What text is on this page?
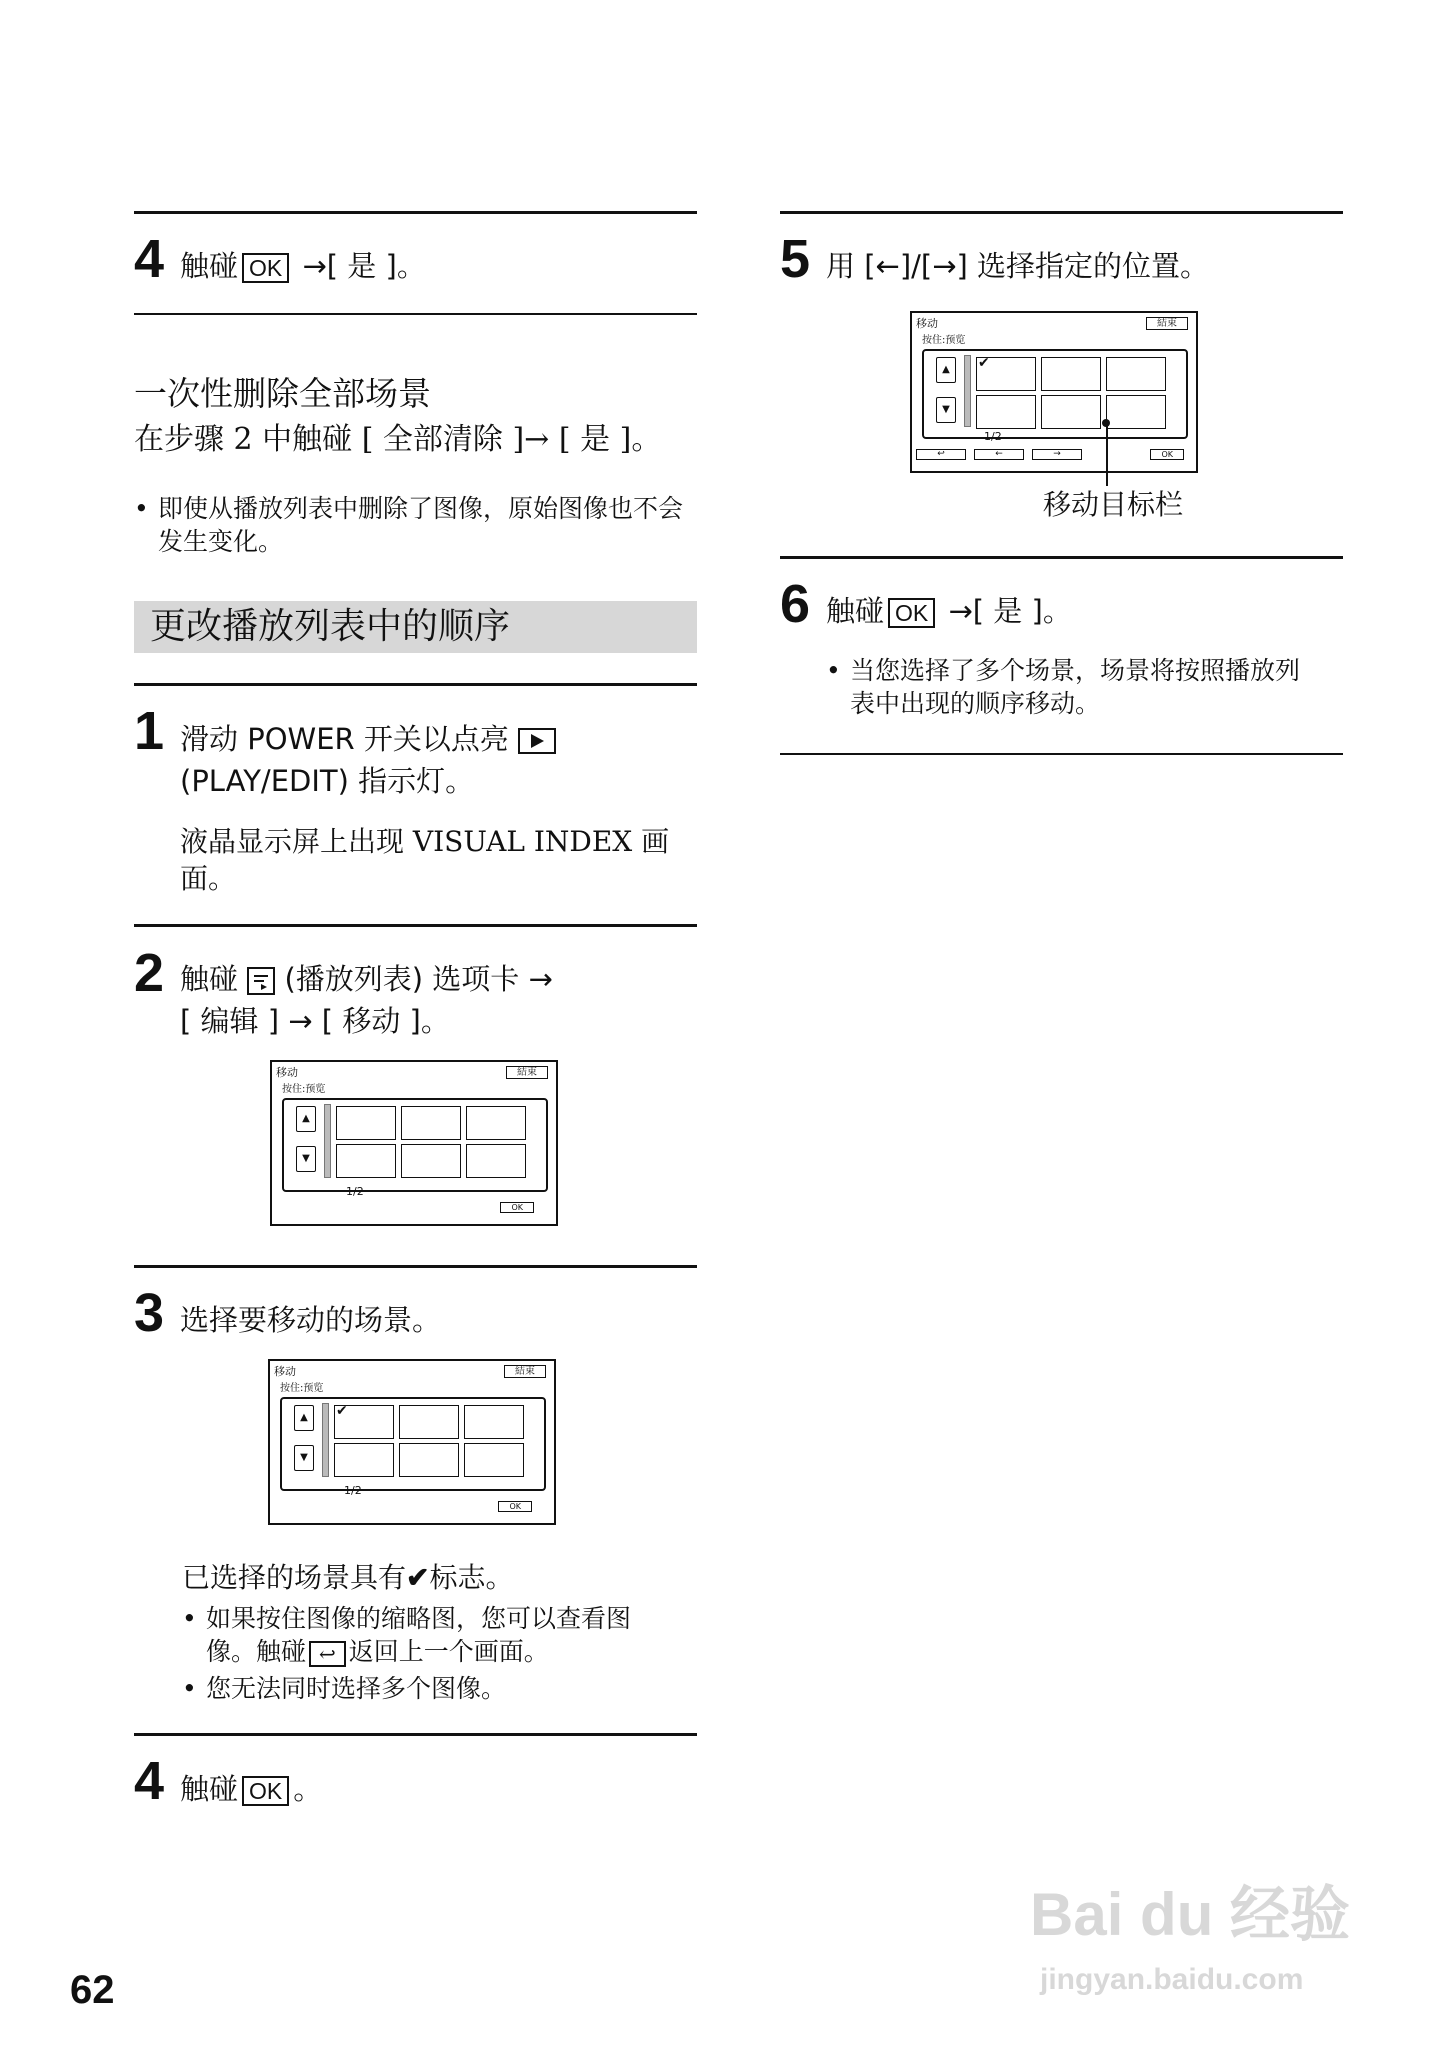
4 触碰 OK →[ 是 ]。
一次性删除全部场景
在步骤 2 中触碰 [ 全部清除 ]→ [ 是 ]。
• 即使从播放列表中删除了图像，原始图像也不会发生变化。
更改播放列表中的顺序
1 滑动 POWER 开关以点亮
(PLAY/EDIT) 指示灯。
液晶显示屏上出现 VISUAL INDEX 画
面。
2 触碰 (播放列表) 选项卡 →
[ 编辑 ] → [ 移动 ]。
移动	結束
按住:预览
▲
▼
1/2
OK
3 选择要移动的场景。
移动	結束
按住:预览
▲
▼
✔
1/2
OK
已选择的场景具有✔标志。
• 如果按住图像的缩略图，您可以查看图
像。触碰 ↩ 返回上一个画面。
• 您无法同时选择多个图像。
4 触碰 OK 。
5 用 [←]/[→] 选择指定的位置。
移动	結束
按住:预览
▲
▼
✔
1/2
↩	←	→	OK
移动目标栏
6 触碰 OK →[ 是 ]。
• 当您选择了多个场景，场景将按照播放列
表中出现的顺序移动。
62
Bai du 经验
jingyan.baidu.com
